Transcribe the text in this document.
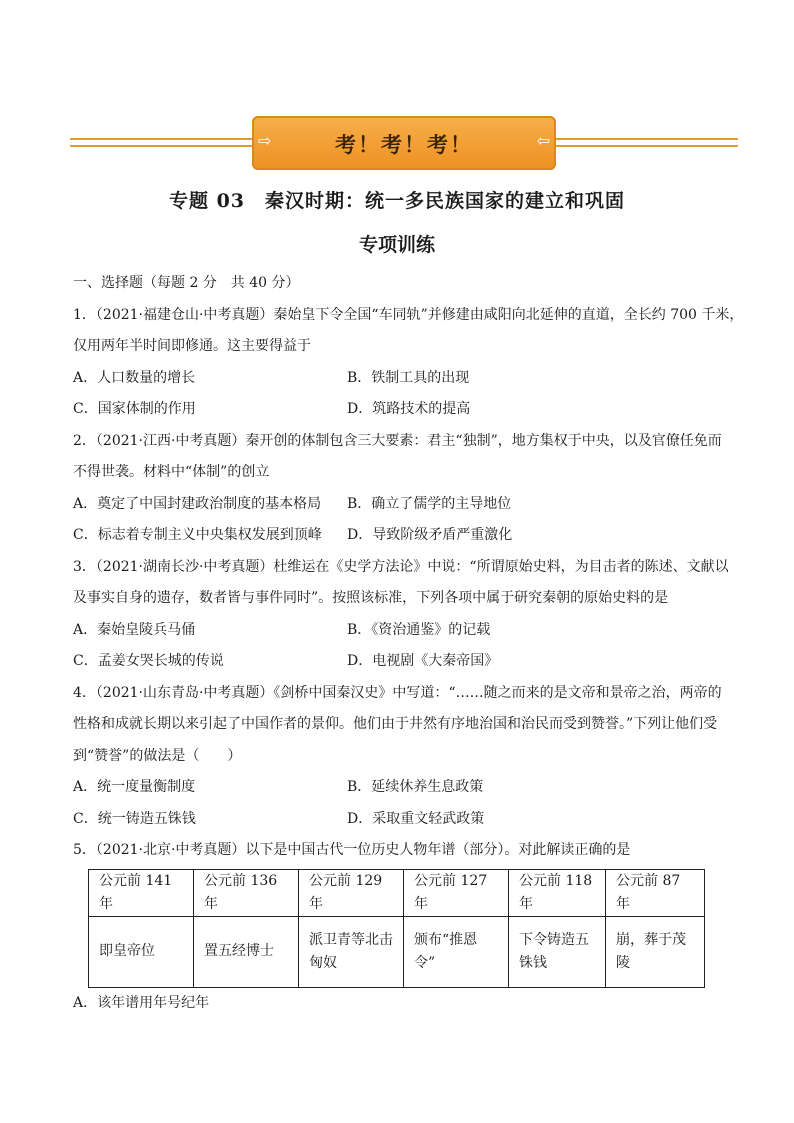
⇨	考！考！考！	⇦
专题 03　秦汉时期：统一多民族国家的建立和巩固
专项训练
一、选择题（每题 2 分　共 40 分）
1．（2021·福建仓山·中考真题）秦始皇下令全国“车同轨”并修建由咸阳向北延伸的直道，全长约 700 千米，
仅用两年半时间即修通。这主要得益于
A．人口数量的增长	B．铁制工具的出现
C．国家体制的作用	D．筑路技术的提高
2．（2021·江西·中考真题）秦开创的体制包含三大要素：君主“独制”，地方集权于中央，以及官僚任免而
不得世袭。材料中“体制”的创立
A．奠定了中国封建政治制度的基本格局	B．确立了儒学的主导地位
C．标志着专制主义中央集权发展到顶峰	D．导致阶级矛盾严重激化
3．（2021·湖南长沙·中考真题）杜维运在《史学方法论》中说：“所谓原始史料，为目击者的陈述、文献以
及事实自身的遗存，数者皆与事件同时”。按照该标准，下列各项中属于研究秦朝的原始史料的是
A．秦始皇陵兵马俑	B．《资治通鉴》的记载
C．孟姜女哭长城的传说	D．电视剧《大秦帝国》
4．（2021·山东青岛·中考真题）《剑桥中国秦汉史》中写道：“……随之而来的是文帝和景帝之治，两帝的
性格和成就长期以来引起了中国作者的景仰。他们由于井然有序地治国和治民而受到赞誉。”下列让他们受
到“赞誉”的做法是（　　）
A．统一度量衡制度	B．延续休养生息政策
C．统一铸造五铢钱	D．采取重文轻武政策
5．（2021·北京·中考真题）以下是中国古代一位历史人物年谱（部分）。对此解读正确的是
公元前 141 年	公元前 136 年	公元前 129 年	公元前 127 年	公元前 118 年	公元前 87 年
即皇帝位	置五经博士	派卫青等北击匈奴	颁布“推恩令”	下令铸造五铢钱	崩，葬于茂陵
A．该年谱用年号纪年
